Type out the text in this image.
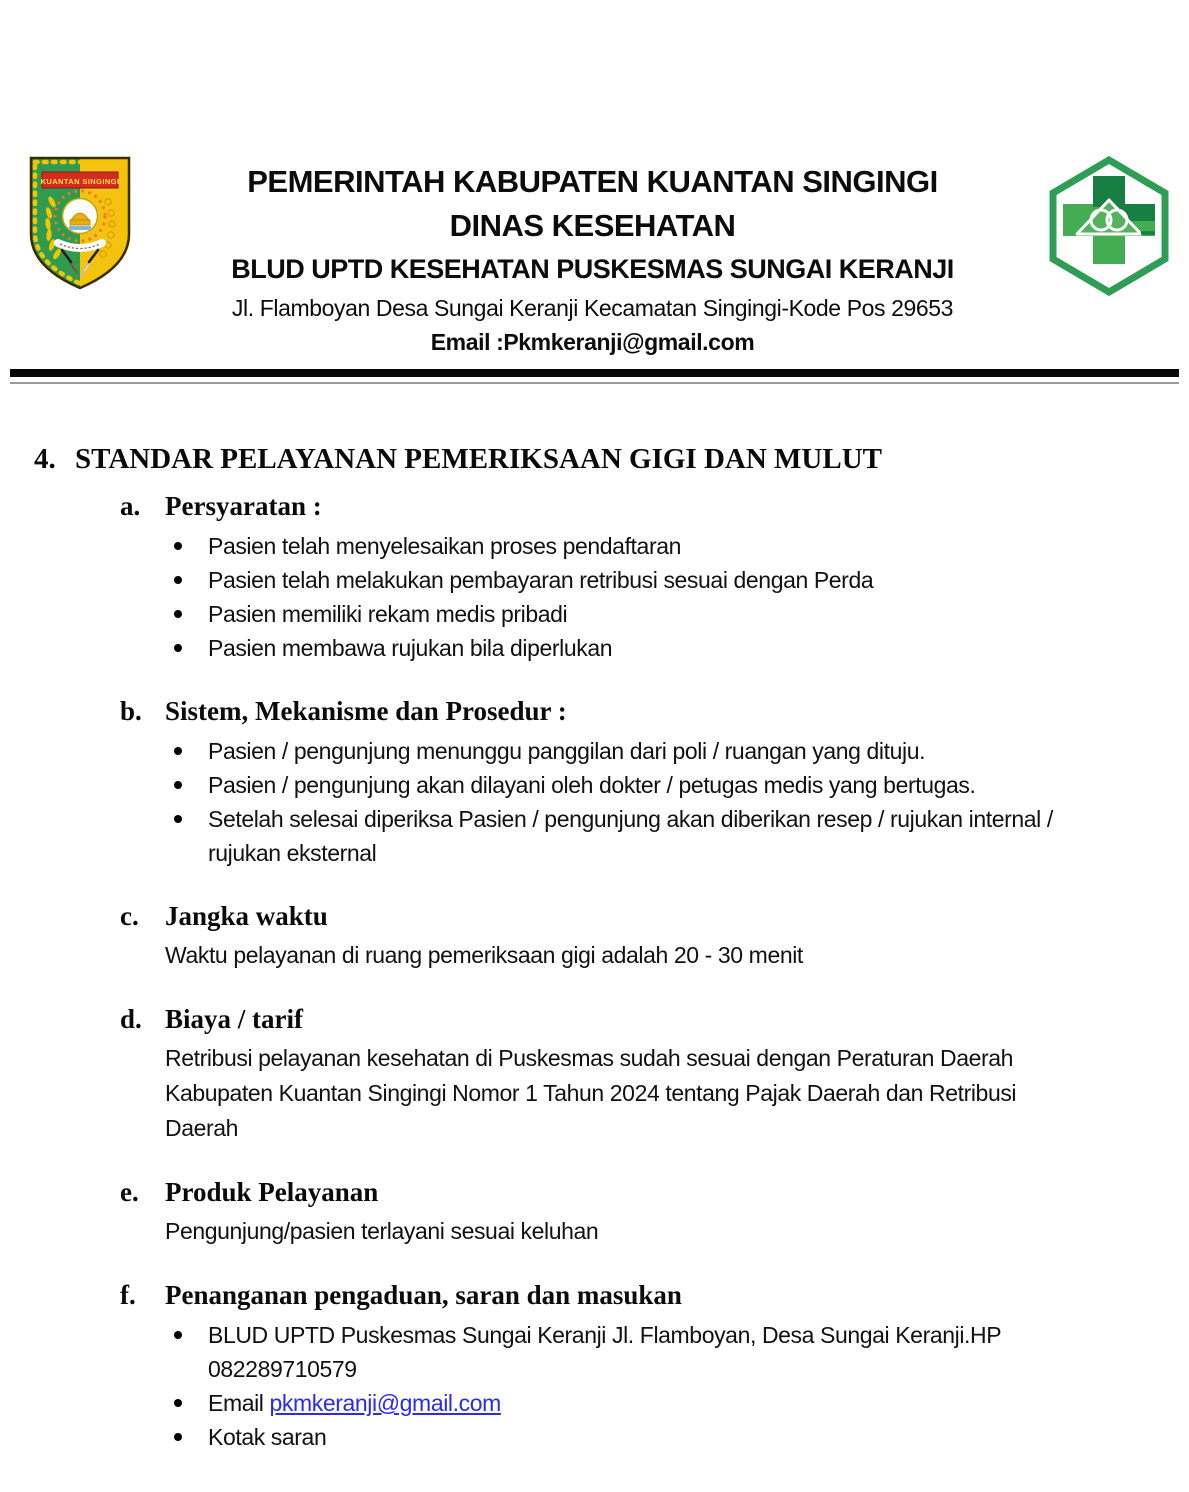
KUANTAN SINGINGI	PEMERINTAH KABUPATEN KUANTAN SINGINGI
DINAS KESEHATAN
BLUD UPTD KESEHATAN PUSKESMAS SUNGAI KERANJI
Jl. Flamboyan Desa Sungai Keranji Kecamatan Singingi-Kode Pos 29653
Email :Pkmkeranji@gmail.com
4. STANDAR PELAYANAN PEMERIKSAAN GIGI DAN MULUT
a. Persyaratan :
Pasien telah menyelesaikan proses pendaftaran
Pasien telah melakukan pembayaran retribusi sesuai dengan Perda
Pasien memiliki rekam medis pribadi
Pasien membawa rujukan bila diperlukan
b. Sistem, Mekanisme dan Prosedur :
Pasien / pengunjung menunggu panggilan dari poli / ruangan yang dituju.
Pasien / pengunjung akan dilayani oleh dokter / petugas medis yang bertugas.
Setelah selesai diperiksa Pasien / pengunjung akan diberikan resep / rujukan internal / rujukan eksternal
c. Jangka waktu
Waktu pelayanan di ruang pemeriksaan gigi adalah 20 - 30 menit
d. Biaya / tarif
Retribusi pelayanan kesehatan di Puskesmas sudah sesuai dengan Peraturan Daerah Kabupaten Kuantan Singingi Nomor 1 Tahun 2024 tentang Pajak Daerah dan Retribusi Daerah
e. Produk Pelayanan
Pengunjung/pasien terlayani sesuai keluhan
f.	Penanganan pengaduan, saran dan masukan
BLUD UPTD Puskesmas Sungai Keranji Jl. Flamboyan, Desa Sungai Keranji.HP 082289710579
Email pkmkeranji@gmail.com
Kotak saran
